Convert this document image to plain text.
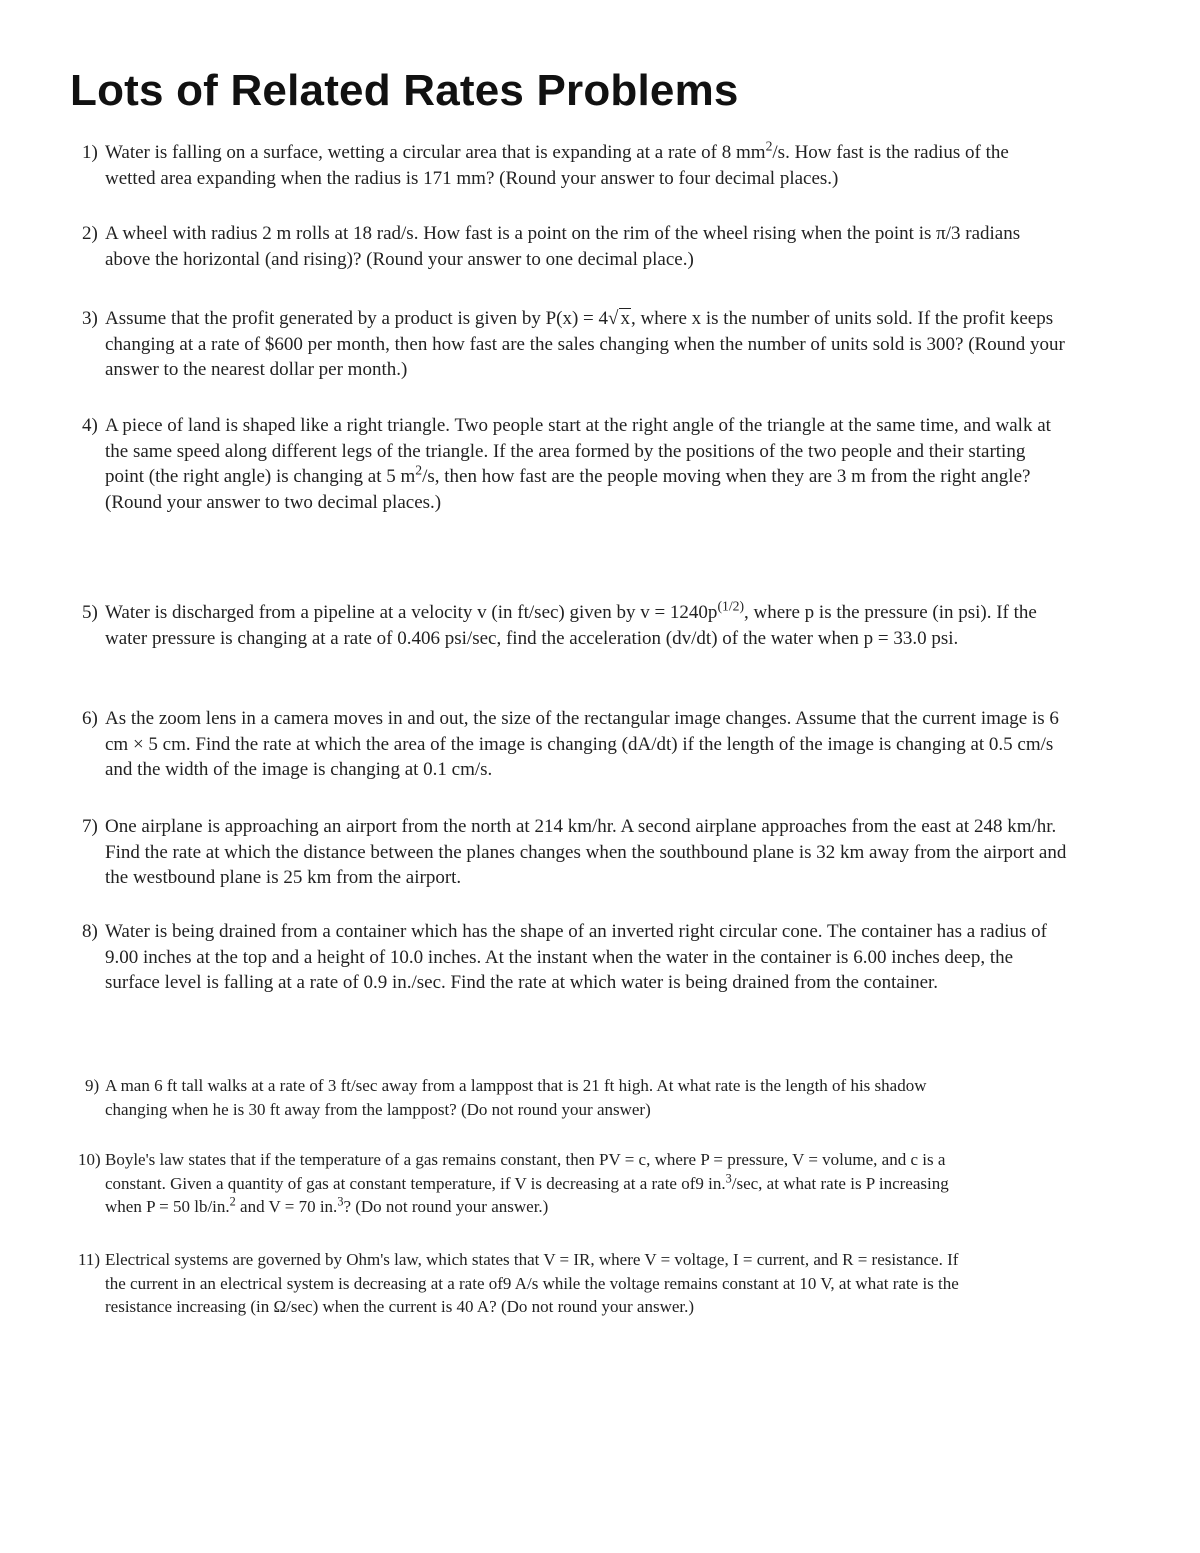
Lots of Related Rates Problems
1) Water is falling on a surface, wetting a circular area that is expanding at a rate of 8 $mm^2/s$. How fast is the radius of the wetted area expanding when the radius is 171 mm? (Round your answer to four decimal places.)
2) A wheel with radius 2 m rolls at 18 rad/s. How fast is a point on the rim of the wheel rising when the point is π/3 radians above the horizontal (and rising)? (Round your answer to one decimal place.)
3) Assume that the profit generated by a product is given by P(x) = 4√ x, where x is the number of units sold. If the profit keeps changing at a rate of $600 per month, then how fast are the sales changing when the number of units sold is 300? (Round your answer to the nearest dollar per month.)
4) A piece of land is shaped like a right triangle. Two people start at the right angle of the triangle at the same time, and walk at the same speed along different legs of the triangle. If the area formed by the positions of the two people and their starting point (the right angle) is changing at 5 $m^2/s$, then how fast are the people moving when they are 3 m from the right angle? (Round your answer to two decimal places.)
5) Water is discharged from a pipeline at a velocity v (in ft/sec) given by $v = 1240p^{(1/2)}$, where p is the pressure (in psi). If the water pressure is changing at a rate of 0.406 psi/sec, find the acceleration (dv/dt) of the water when p = 33.0 psi.
6) As the zoom lens in a camera moves in and out, the size of the rectangular image changes. Assume that the current image is 6 cm × 5 cm. Find the rate at which the area of the image is changing (dA/dt) if the length of the image is changing at 0.5 cm/s and the width of the image is changing at 0.1 cm/s.
7) One airplane is approaching an airport from the north at 214 km/hr. A second airplane approaches from the east at 248 km/hr. Find the rate at which the distance between the planes changes when the southbound plane is 32 km away from the airport and the westbound plane is 25 km from the airport.
8) Water is being drained from a container which has the shape of an inverted right circular cone. The container has a radius of 9.00 inches at the top and a height of 10.0 inches. At the instant when the water in the container is 6.00 inches deep, the surface level is falling at a rate of 0.9 in./sec. Find the rate at which water is being drained from the container.
9) A man 6 ft tall walks at a rate of 3 ft/sec away from a lamppost that is 21 ft high. At what rate is the length of his shadow changing when he is 30 ft away from the lamppost? (Do not round your answer)
10) Boyle's law states that if the temperature of a gas remains constant, then PV = c, where P = pressure, V = volume, and c is a constant. Given a quantity of gas at constant temperature, if V is decreasing at a rate of9 in.$^3$/sec, at what rate is P increasing when P = 50 lb/in.$^2$ and V = 70 in.$^3$? (Do not round your answer.)
11) Electrical systems are governed by Ohm's law, which states that V = IR, where V = voltage, I = current, and R = resistance. If the current in an electrical system is decreasing at a rate of9 A/s while the voltage remains constant at 10 V, at what rate is the resistance increasing (in Ω/sec) when the current is 40 A? (Do not round your answer.)
